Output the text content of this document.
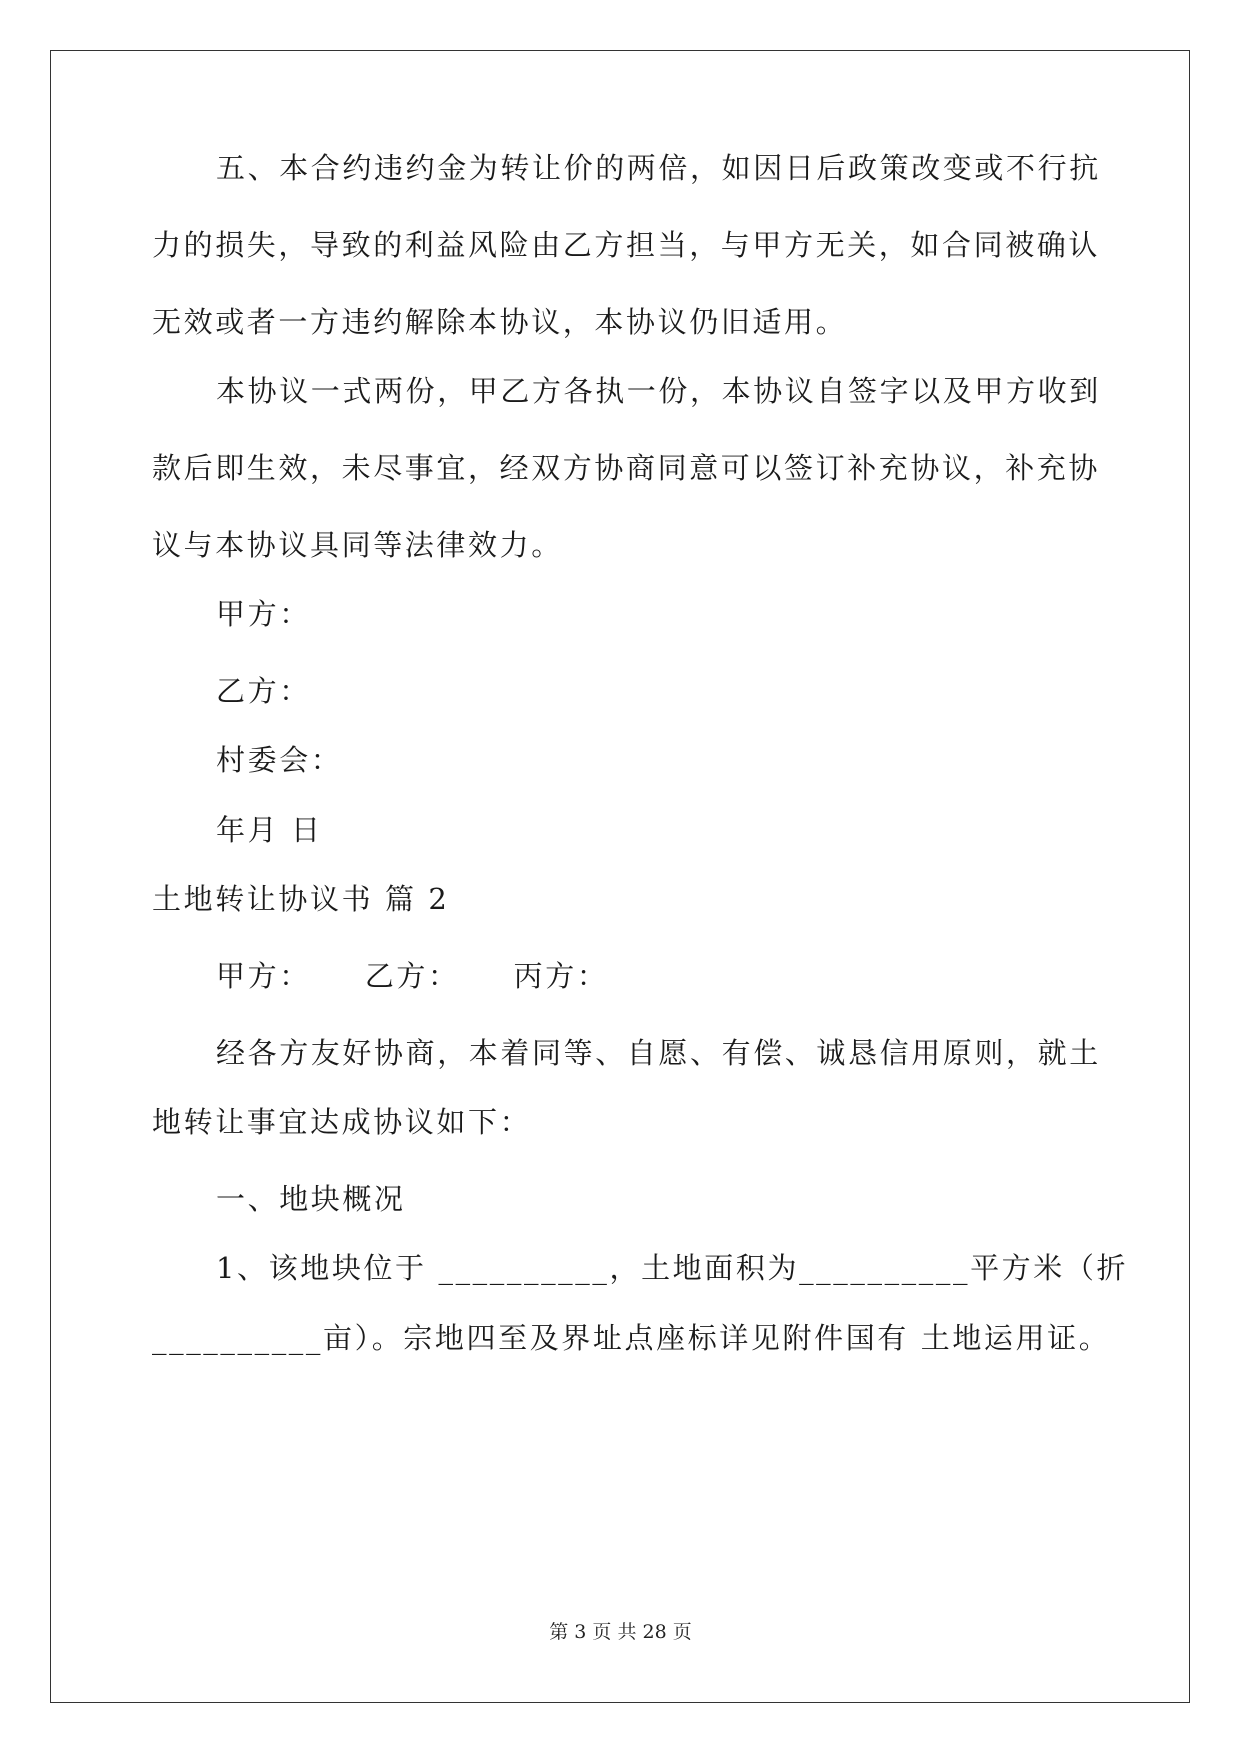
五、本合约违约金为转让价的两倍，如因日后政策改变或不行抗
力的损失，导致的利益风险由乙方担当，与甲方无关，如合同被确认
无效或者一方违约解除本协议，本协议仍旧适用。
本协议一式两份，甲乙方各执一份，本协议自签字以及甲方收到
款后即生效，未尽事宜，经双方协商同意可以签订补充协议，补充协
议与本协议具同等法律效力。
甲方：
乙方：
村委会：
年月 日
土地转让协议书 篇 2
甲方： 乙方： 丙方：
经各方友好协商，本着同等、自愿、有偿、诚恳信用原则，就土
地转让事宜达成协议如下：
一、地块概况
1、该地块位于 __________，土地面积为__________平方米（折
__________亩）。宗地四至及界址点座标详见附件国有 土地运用证。
第 3 页 共 28 页
